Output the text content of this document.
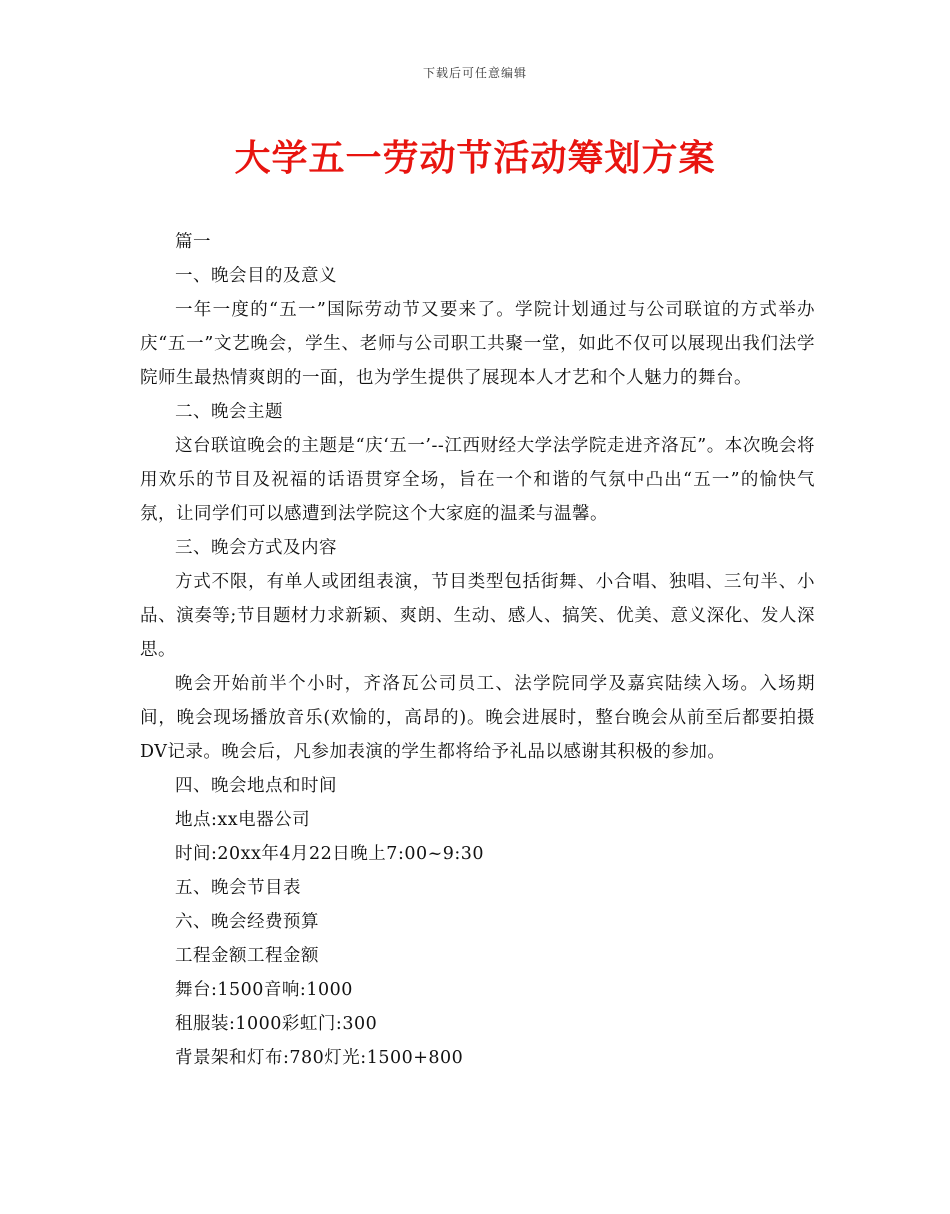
下载后可任意编辑
大学五一劳动节活动筹划方案

篇一

一、晚会目的及意义

一年一度的“五一”国际劳动节又要来了。学院计划通过与公司联谊的方式举办庆“五一”文艺晚会，学生、老师与公司职工共聚一堂，如此不仅可以展现出我们法学院师生最热情爽朗的一面，也为学生提供了展现本人才艺和个人魅力的舞台。

二、晚会主题

这台联谊晚会的主题是“庆‘五一’--江西财经大学法学院走进齐洛瓦”。本次晚会将用欢乐的节目及祝福的话语贯穿全场，旨在一个和谐的气氛中凸出“五一”的愉快气氛，让同学们可以感遭到法学院这个大家庭的温柔与温馨。

三、晚会方式及内容

方式不限，有单人或团组表演，节目类型包括街舞、小合唱、独唱、三句半、小品、演奏等;节目题材力求新颖、爽朗、生动、感人、搞笑、优美、意义深化、发人深思。

晚会开始前半个小时，齐洛瓦公司员工、法学院同学及嘉宾陆续入场。入场期间，晚会现场播放音乐(欢愉的，高昂的)。晚会进展时，整台晚会从前至后都要拍摄DV记录。晚会后，凡参加表演的学生都将给予礼品以感谢其积极的参加。

四、晚会地点和时间

地点:xx电器公司

时间:20xx年4月22日晚上7:00~9:30

五、晚会节目表

六、晚会经费预算

工程金额工程金额

舞台:1500音响:1000

租服装:1000彩虹门:300

背景架和灯布:780灯光:1500+800
